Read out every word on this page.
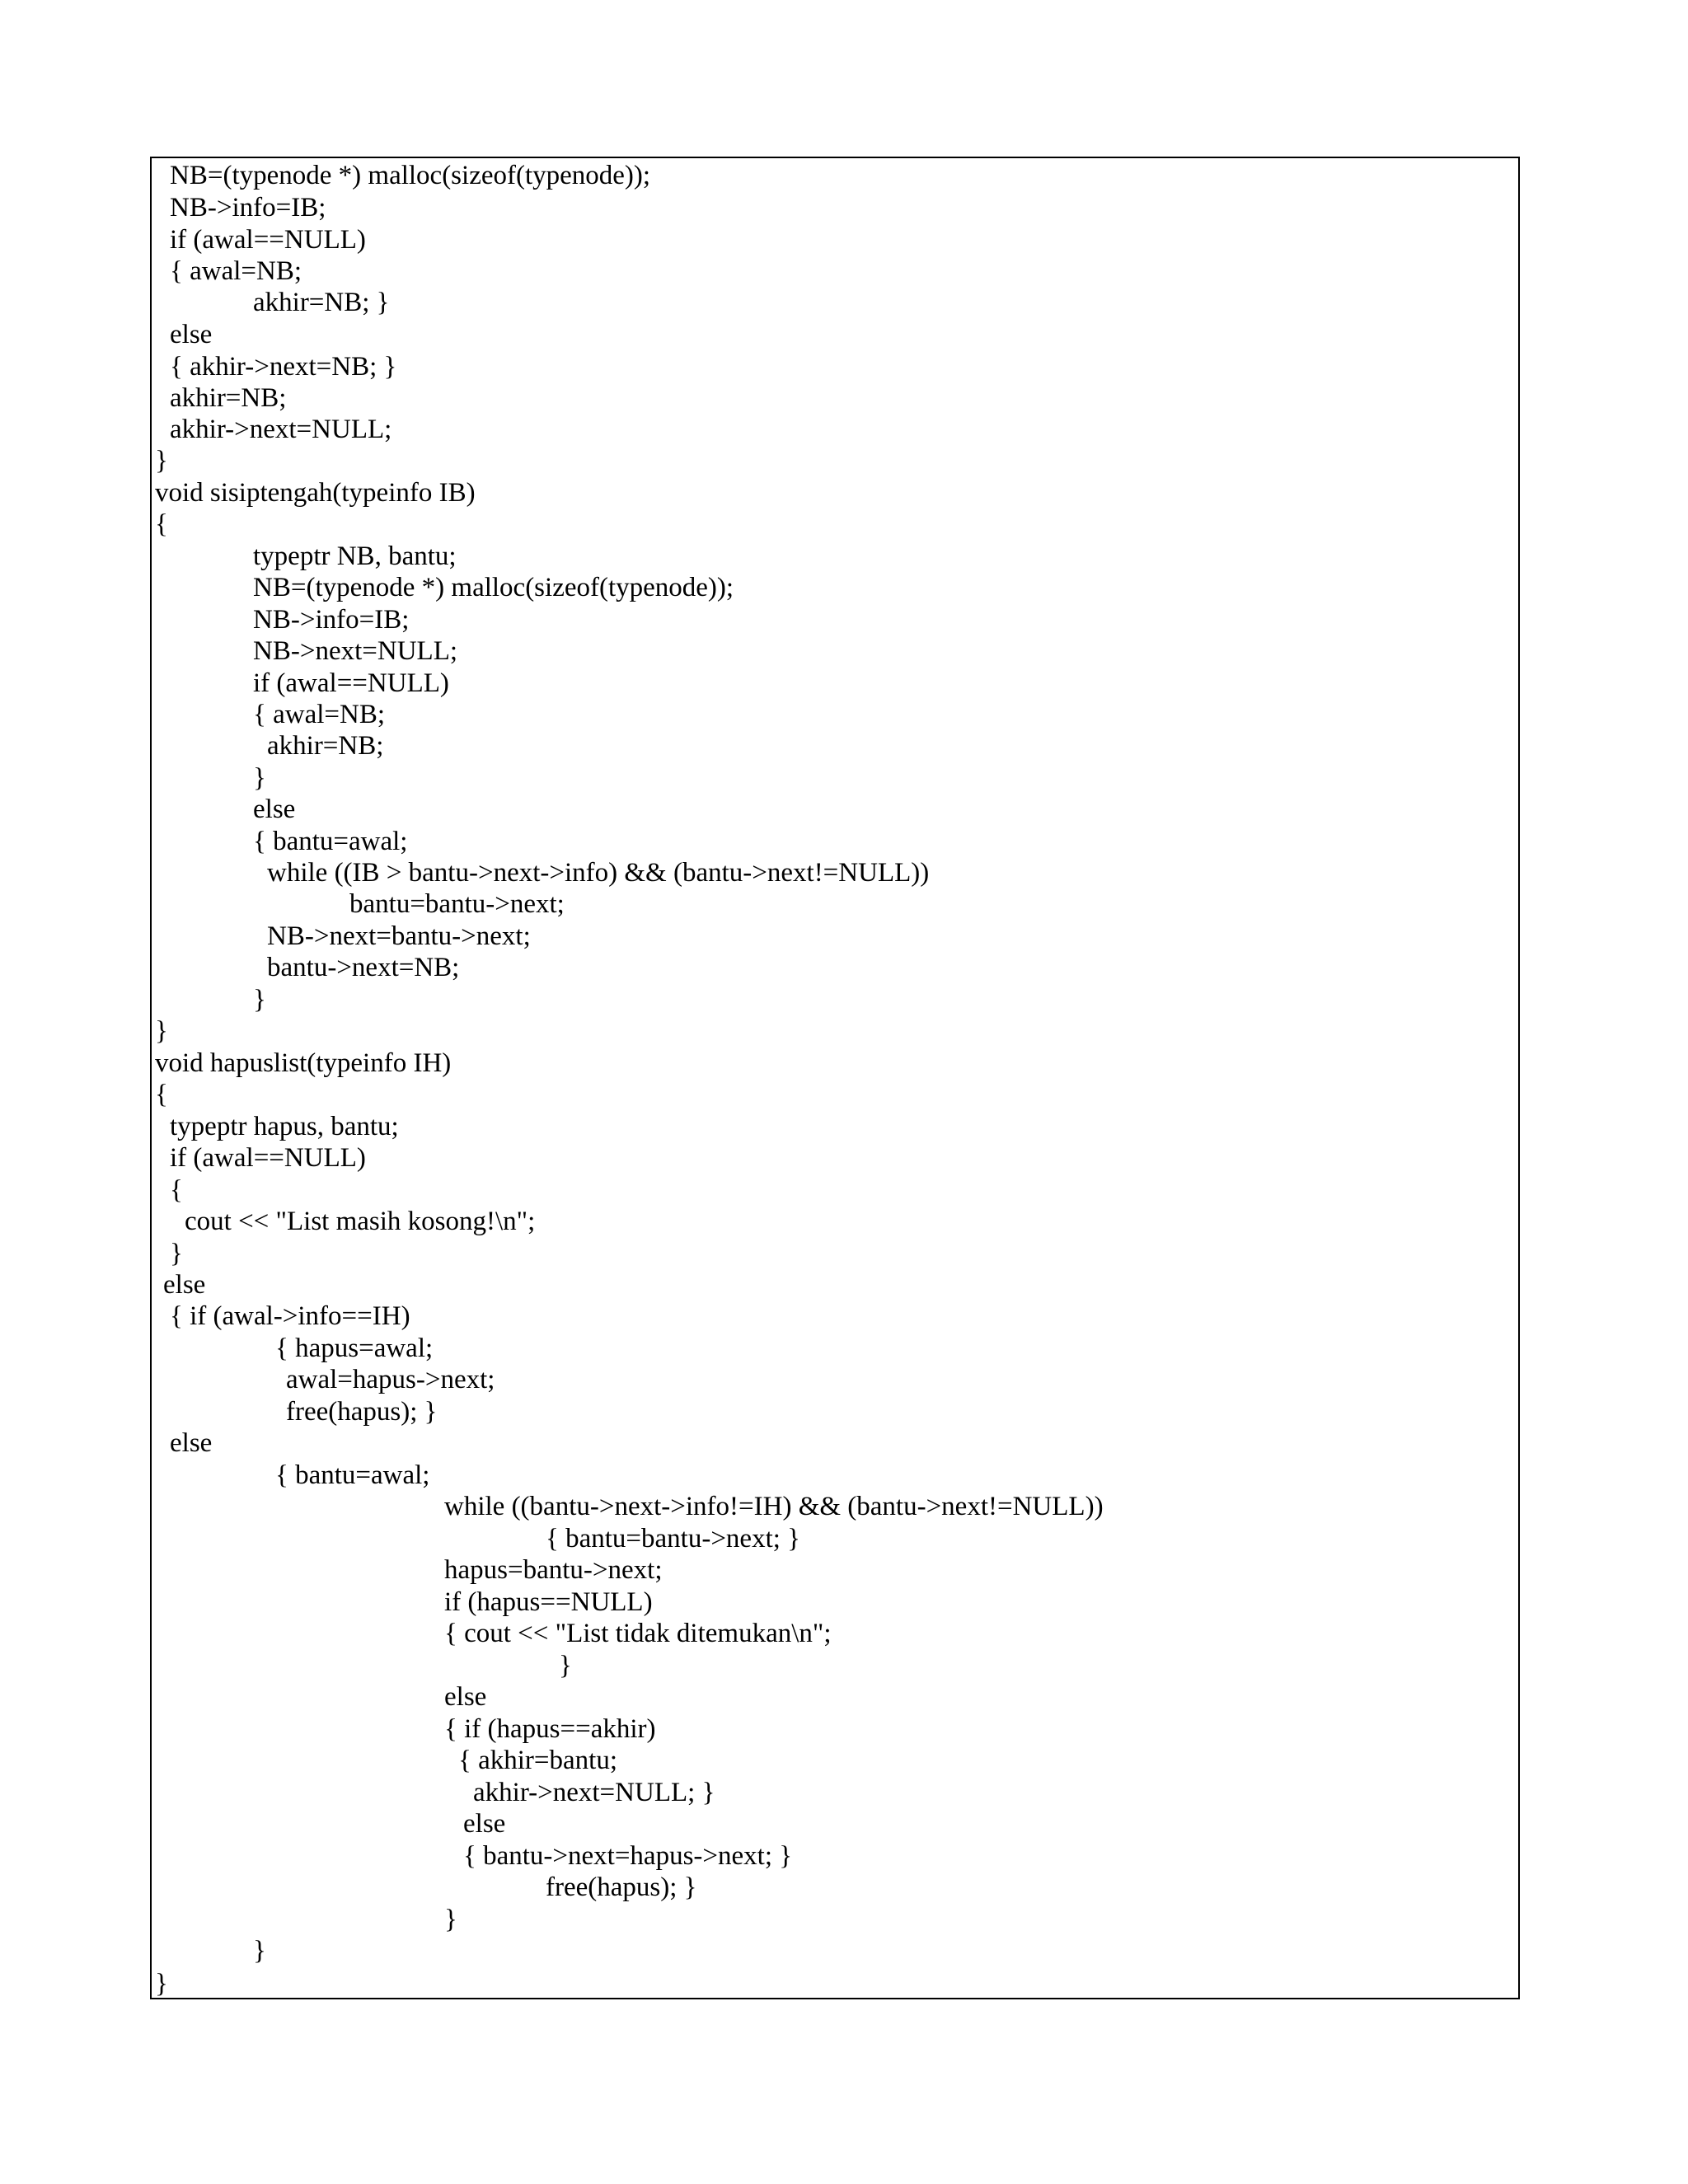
NB=(typenode *) malloc(sizeof(typenode));
NB->info=IB;
if (awal==NULL)
{ awal=NB;
akhir=NB; }
else
{ akhir->next=NB; }
akhir=NB;
akhir->next=NULL;
}
void sisiptengah(typeinfo IB)
{
typeptr NB, bantu;
NB=(typenode *) malloc(sizeof(typenode));
NB->info=IB;
NB->next=NULL;
if (awal==NULL)
{ awal=NB;
akhir=NB;
}
else
{ bantu=awal;
while ((IB > bantu->next->info) && (bantu->next!=NULL))
bantu=bantu->next;
NB->next=bantu->next;
bantu->next=NB;
}
}
void hapuslist(typeinfo IH)
{
typeptr hapus, bantu;
if (awal==NULL)
{
cout << "List masih kosong!\n";
}
else
{ if (awal->info==IH)
{ hapus=awal;
awal=hapus->next;
free(hapus); }
else
{ bantu=awal;
while ((bantu->next->info!=IH) && (bantu->next!=NULL))
{ bantu=bantu->next; }
hapus=bantu->next;
if (hapus==NULL)
{ cout << "List tidak ditemukan\n";
}
else
{ if (hapus==akhir)
{ akhir=bantu;
akhir->next=NULL; }
else
{ bantu->next=hapus->next; }
free(hapus); }
}
}
}
